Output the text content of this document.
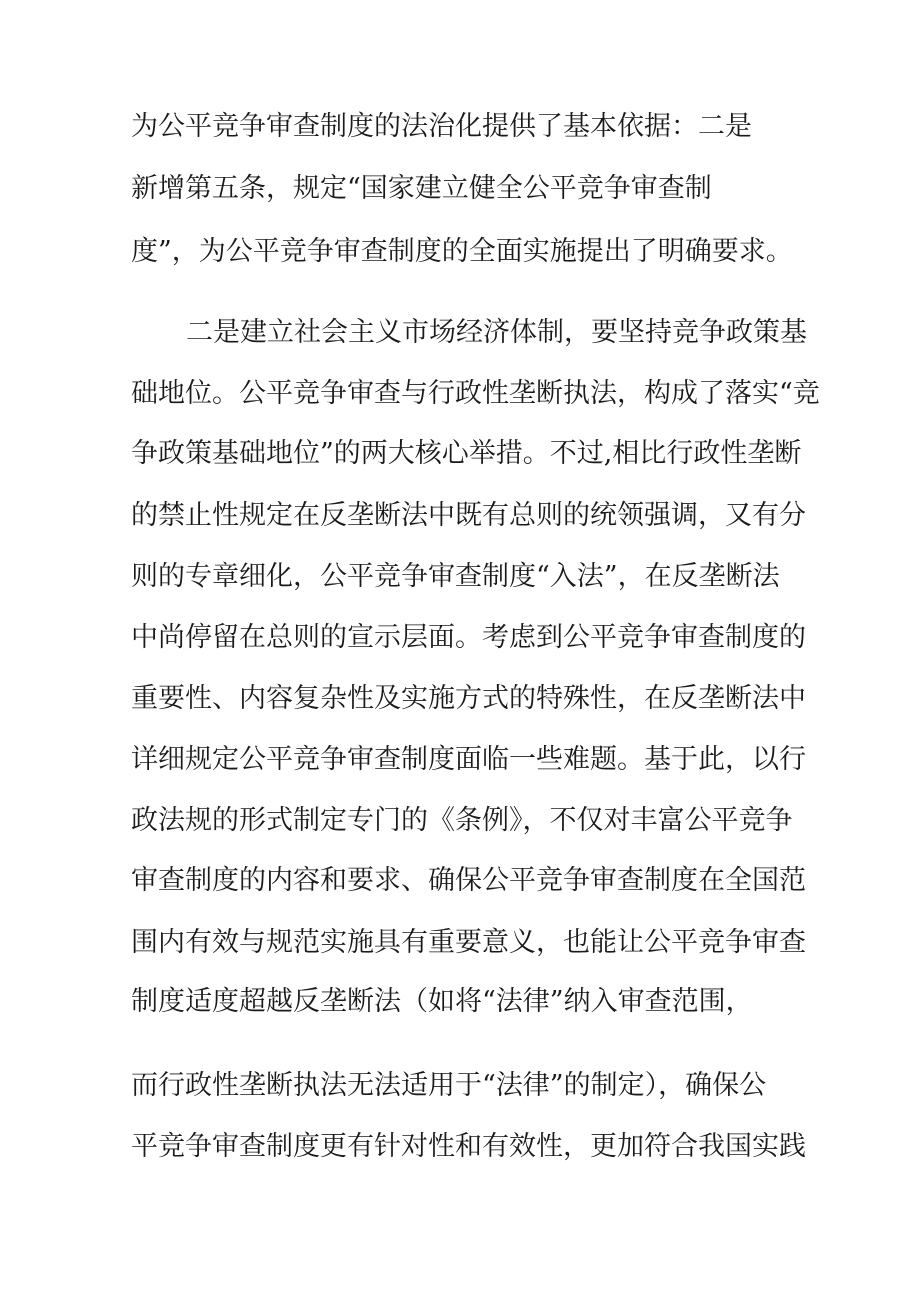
为公平竞争审查制度的法治化提供了基本依据：二是

新增第五条，规定“国家建立健全公平竞争审查制

度”，为公平竞争审查制度的全面实施提出了明确要求。

二是建立社会主义市场经济体制，要坚持竞争政策基

础地位。公平竞争审查与行政性垄断执法，构成了落实“竞

争政策基础地位”的两大核心举措。不过,相比行政性垄断

的禁止性规定在反垄断法中既有总则的统领强调，又有分

则的专章细化，公平竞争审查制度“入法”，在反垄断法

中尚停留在总则的宣示层面。考虑到公平竞争审查制度的

重要性、内容复杂性及实施方式的特殊性，在反垄断法中

详细规定公平竞争审查制度面临一些难题。基于此，以行

政法规的形式制定专门的《条例》，不仅对丰富公平竞争

审查制度的内容和要求、确保公平竞争审查制度在全国范

围内有效与规范实施具有重要意义，也能让公平竞争审查

制度适度超越反垄断法（如将“法律”纳入审查范围，

而行政性垄断执法无法适用于“法律”的制定），确保公

平竞争审查制度更有针对性和有效性，更加符合我国实践
